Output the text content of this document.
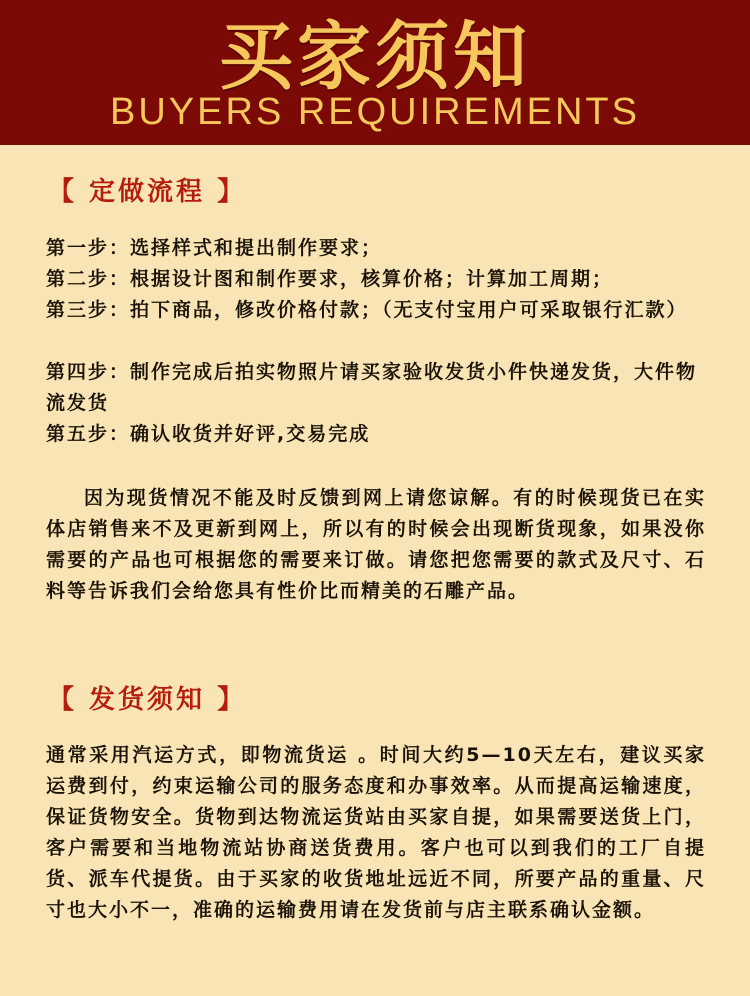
买家须知
BUYERS REQUIREMENTS
【 定做流程 】

第一步：选择样式和提出制作要求；

第二步：根据设计图和制作要求，核算价格；计算加工周期；

第三步：拍下商品，修改价格付款；（无支付宝用户可采取银行汇款）

第四步：制作完成后拍实物照片请买家验收发货小件快递发货，大件物流发货

第五步：确认收货并好评,交易完成

因为现货情况不能及时反馈到网上请您谅解。有的时候现货已在实体店销售来不及更新到网上，所以有的时候会出现断货现象，如果没你需要的产品也可根据您的需要来订做。请您把您需要的款式及尺寸、石料等告诉我们会给您具有性价比而精美的石雕产品。

【 发货须知 】

通常采用汽运方式，即物流货运 。时间大约5—10天左右，建议买家运费到付，约束运输公司的服务态度和办事效率。从而提高运输速度，保证货物安全。货物到达物流运货站由买家自提，如果需要送货上门，客户需要和当地物流站协商送货费用。客户也可以到我们的工厂自提货、派车代提货。由于买家的收货地址远近不同，所要产品的重量、尺寸也大小不一，准确的运输费用请在发货前与店主联系确认金额。
